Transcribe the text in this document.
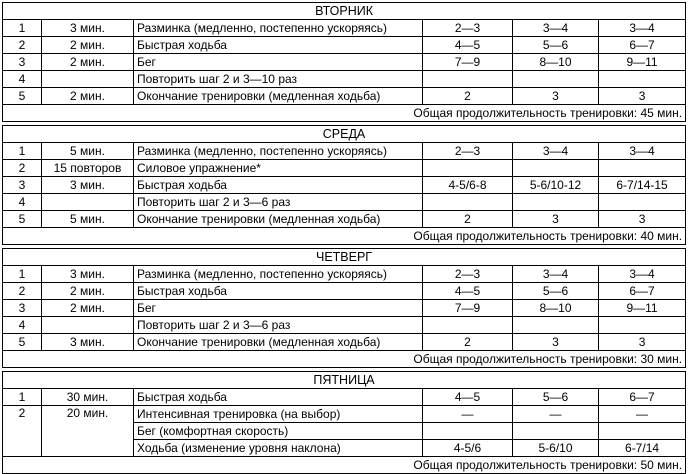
ВТОРНИК					
1	3 мин.	Разминка (медленно, постепенно ускоряясь)	2—3	3—4	3—4
2	2 мин.	Быстрая ходьба	4—5	5—6	6—7
3	2 мин.	Бег	7—9	8—10	9—11
4		Повторить шаг 2 и 3—10 раз			
5	2 мин.	Окончание тренировки (медленная ходьба)	2	3	3
Общая продолжительность тренировки: 45 мин.					

СРЕДА					
1	5 мин.	Разминка (медленно, постепенно ускоряясь)	2—3	3—4	3—4
2	15 повторов	Силовое упражнение*			
3	3 мин.	Быстрая ходьба	4-5/6-8	5-6/10-12	6-7/14-15
4		Повторить шаг 2 и 3—6 раз			
5	5 мин.	Окончание тренировки (медленная ходьба)	2	3	3
Общая продолжительность тренировки: 40 мин.					

ЧЕТВЕРГ					
1	3 мин.	Разминка (медленно, постепенно ускоряясь)	2—3	3—4	3—4
2	2 мин.	Быстрая ходьба	4—5	5—6	6—7
3	2 мин.	Бег	7—9	8—10	9—11
4		Повторить шаг 2 и 3—6 раз			
5	3 мин.	Окончание тренировки (медленная ходьба)	2	3	3
Общая продолжительность тренировки: 30 мин.					

ПЯТНИЦА					
1	30 мин.	Быстрая ходьба	4—5	5—6	6—7
2	20 мин.	Интенсивная тренировка (на выбор)	—	—	—
		Бег (комфортная скорость)			
		Ходьба (изменение уровня наклона)	4-5/6	5-6/10	6-7/14
Общая продолжительность тренировки: 50 мин.					
